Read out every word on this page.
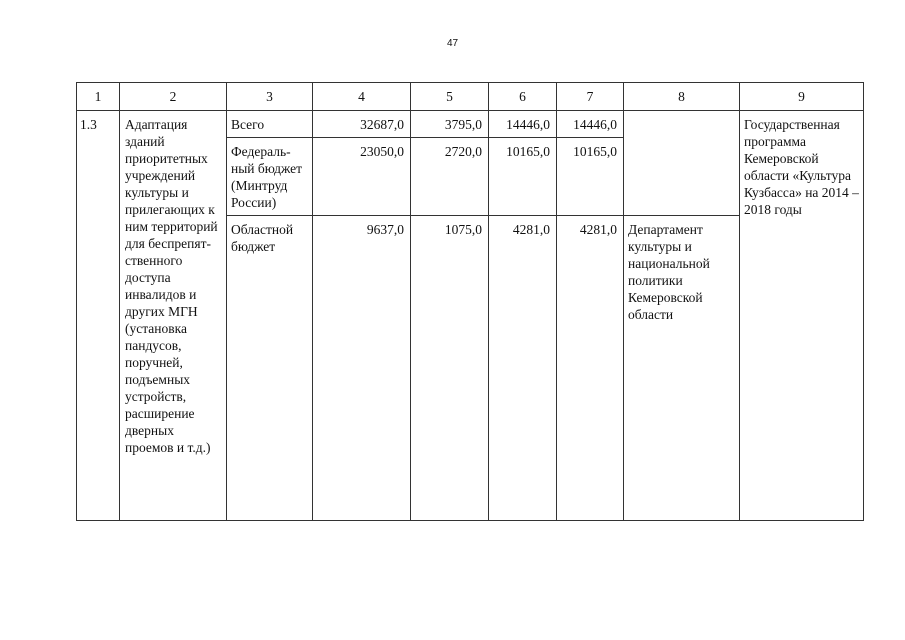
47
1	2	3	4	5	6	7	8	9

1.3	Адаптация зданий приоритетных учреждений культуры и прилегающих к ним территорий для беспрепят- ственного доступа инвалидов и других МГН (установка пандусов, поручней, подъемных устройств, расширение дверных проемов и т.д.)	Всего	32687,0	3795,0	14446,0	14446,0		Государственная программа Кемеровской области «Культура Кузбасса» на 2014 – 2018 годы

		Федераль- ный бюджет (Минтруд России)	23050,0	2720,0	10165,0	10165,0		

		Областной бюджет	9637,0	1075,0	4281,0	4281,0	Департамент культуры и национальной политики Кемеровской области	
